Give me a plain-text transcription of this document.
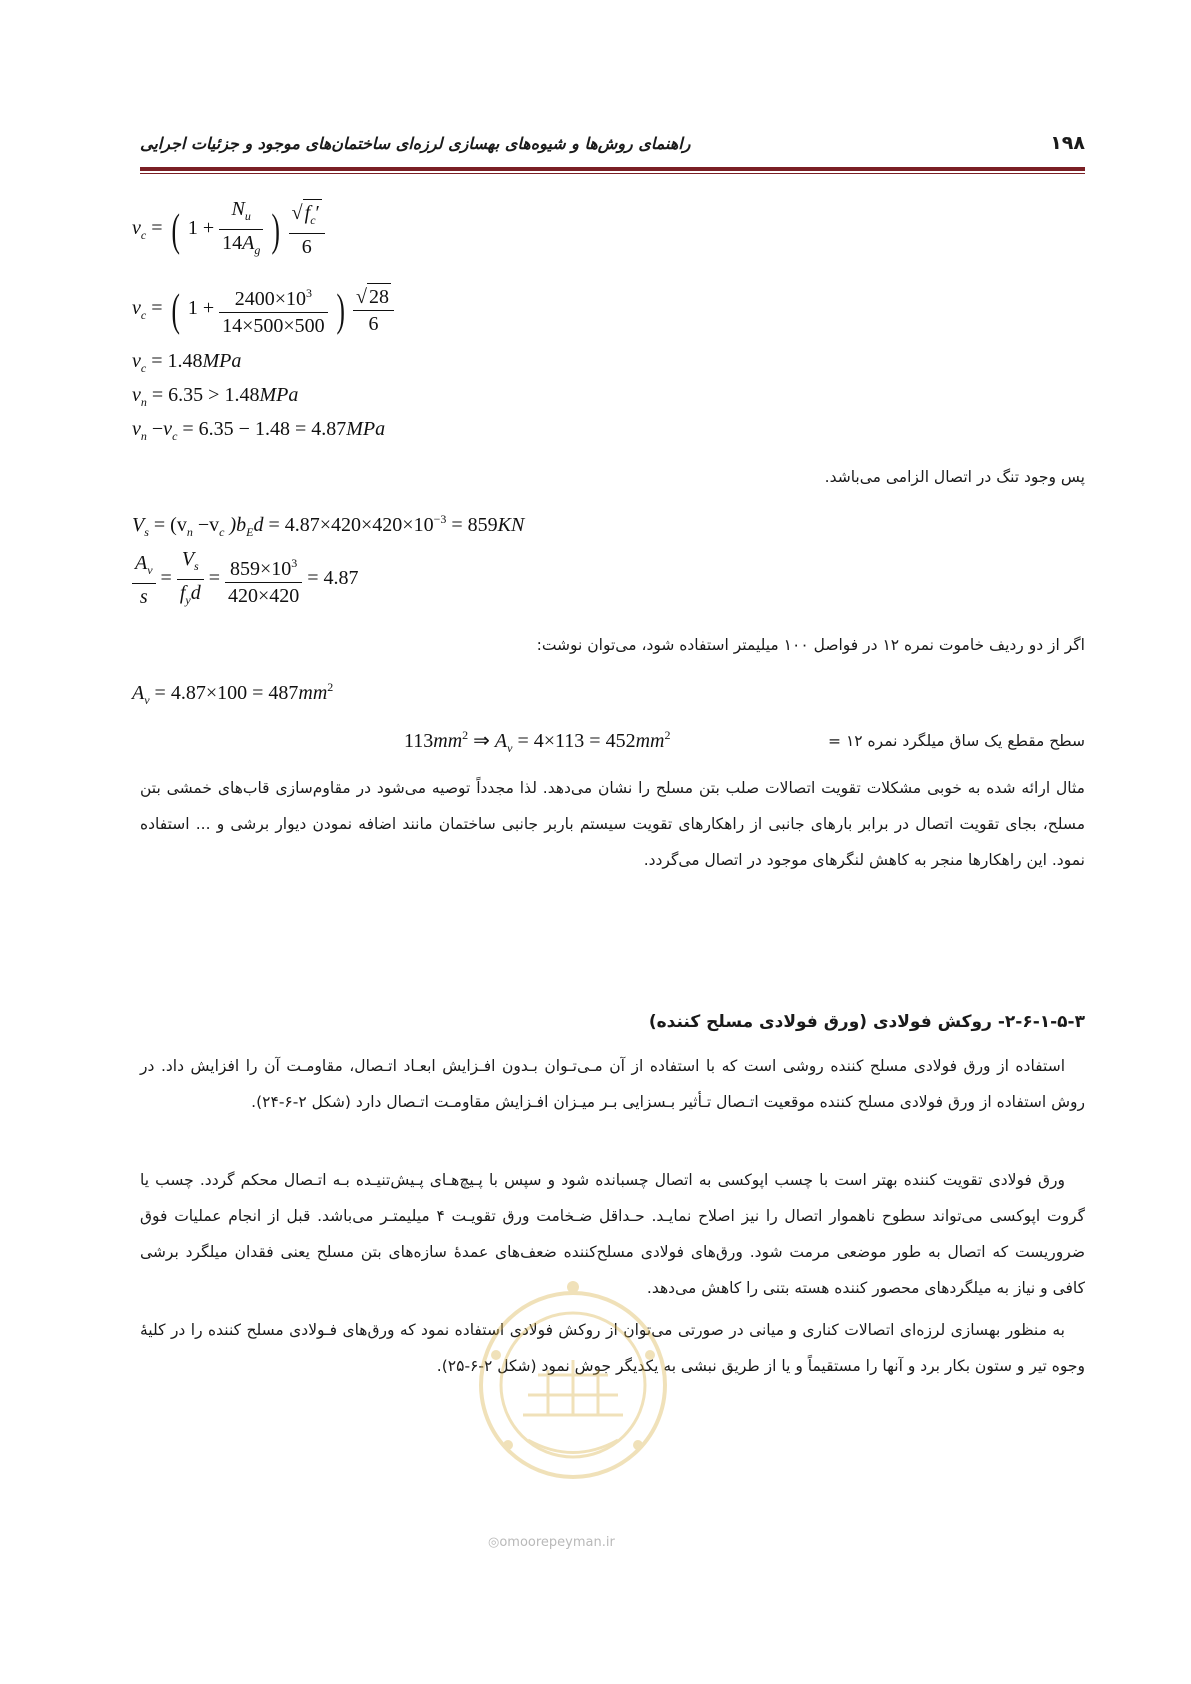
۱۹۸
راهنمای روش‌ها و شیوه‌های بهسازی لرزه‌ای ساختمان‌های موجود و جزئیات اجرایی
$v_c$ = ( $1 + \frac{N_u}{14A_g}$ ) $\frac{√ f_c'}{6}$
$v_c$ = ( $1 + \frac{2400\times 10^3}{14\times 500\times 500}$ ) $\frac{√ 28}{6}$
$v_c = 1.48MPa$
$v_n = 6.35 > 1.48MPa$
$v_n -v_c = 6.35 - 1.48 = 4.87MPa$
پس وجود تنگ در اتصال الزامی می‌باشد.
$V_s = (v_n -v_c$ )$b_Ed = 4.87\times 420\times 420\times 10^{-3} = 859KN$
$\frac{A_v}{s} = \frac{V_s}{f_yd} = \frac{859\times 10^3}{420\times 420} = 4.87$
اگر از دو ردیف خاموت نمره ۱۲ در فواصل ۱۰۰ میلیمتر استفاده شود، می‌توان نوشت:
$A_v = 4.87\times 100 = 487mm^2$
$113mm^2$ ⇒ $A_v = 4\times 113 = 452mm^2$	سطح مقطع یک ساق میلگرد نمره ۱۲ =
مثال ارائه شده به خوبی مشکلات تقویت اتصالات صلب بتن مسلح را نشان می‌دهد. لذا مجدداً توصیه می‌شود در مقاوم‌سازی قاب‌های خمشی بتن مسلح، بجای تقویت اتصال در برابر بارهای جانبی از راهکارهای تقویت سیستم باربر جانبی ساختمان مانند اضافه نمودن دیوار برشی و ... استفاده نمود. این راهکارها منجر به کاهش لنگرهای موجود در اتصال می‌گردد.
۲-۶-۱-۵-۳- روکش فولادی (ورق فولادی مسلح کننده)
استفاده از ورق فولادی مسلح کننده روشی است که با استفاده از آن مـی‌تـوان بـدون افـزایش ابعـاد اتـصال، مقاومـت آن را افزایش داد. در روش استفاده از ورق فولادی مسلح کننده موقعیت اتـصال تـأثیر بـسزایی بـر میـزان افـزایش مقاومـت اتـصال دارد (شکل ۲-۶-۲۴).
ورق فولادی تقویت کننده بهتر است با چسب اپوکسی به اتصال چسبانده شود و سپس با پـیچ‌هـای پـیش‌تنیـده بـه اتـصال محکم گردد. چسب یا گروت اپوکسی می‌تواند سطوح ناهموار اتصال را نیز اصلاح نمایـد. حـداقل ضـخامت ورق تقویـت ۴ میلیمتـر می‌باشد. قبل از انجام عملیات فوق ضروریست که اتصال به طور موضعی مرمت شود. ورق‌های فولادی مسلح‌کننده ضعف‌های عمدهٔ سازه‌های بتن مسلح یعنی فقدان میلگرد برشی کافی و نیاز به میلگردهای محصور کننده هسته بتنی را کاهش می‌دهد.
به منظور بهسازی لرزه‌ای اتصالات کناری و میانی در صورتی می‌توان از روکش فولادی استفاده نمود که ورق‌های فـولادی مسلح کننده را در کلیهٔ وجوه تیر و ستون بکار برد و آنها را مستقیماً و یا از طریق نبشی به یکدیگر جوش نمود (شکل ۲-۶-۲۵).
◎omoorepeyman.ir
